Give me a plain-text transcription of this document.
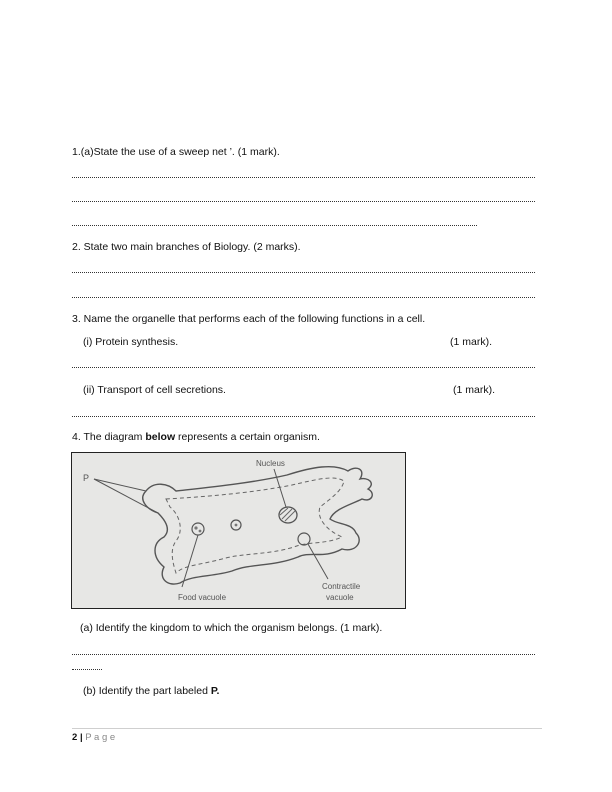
1.(a)State the use of a sweep net ’. (1 mark).
2. State two main branches of Biology. (2 marks).
3. Name the organelle that performs each of the following functions in a cell.
(i) Protein synthesis.	(1 mark).
(ii) Transport of cell secretions.	(1 mark).
4. The diagram below represents a certain organism.
P
Nucleus
Food vacuole
Contractile
vacuole
(a) Identify the kingdom to which the organism belongs. (1 mark).
(b) Identify the part labeled P.
2 | P a g e
